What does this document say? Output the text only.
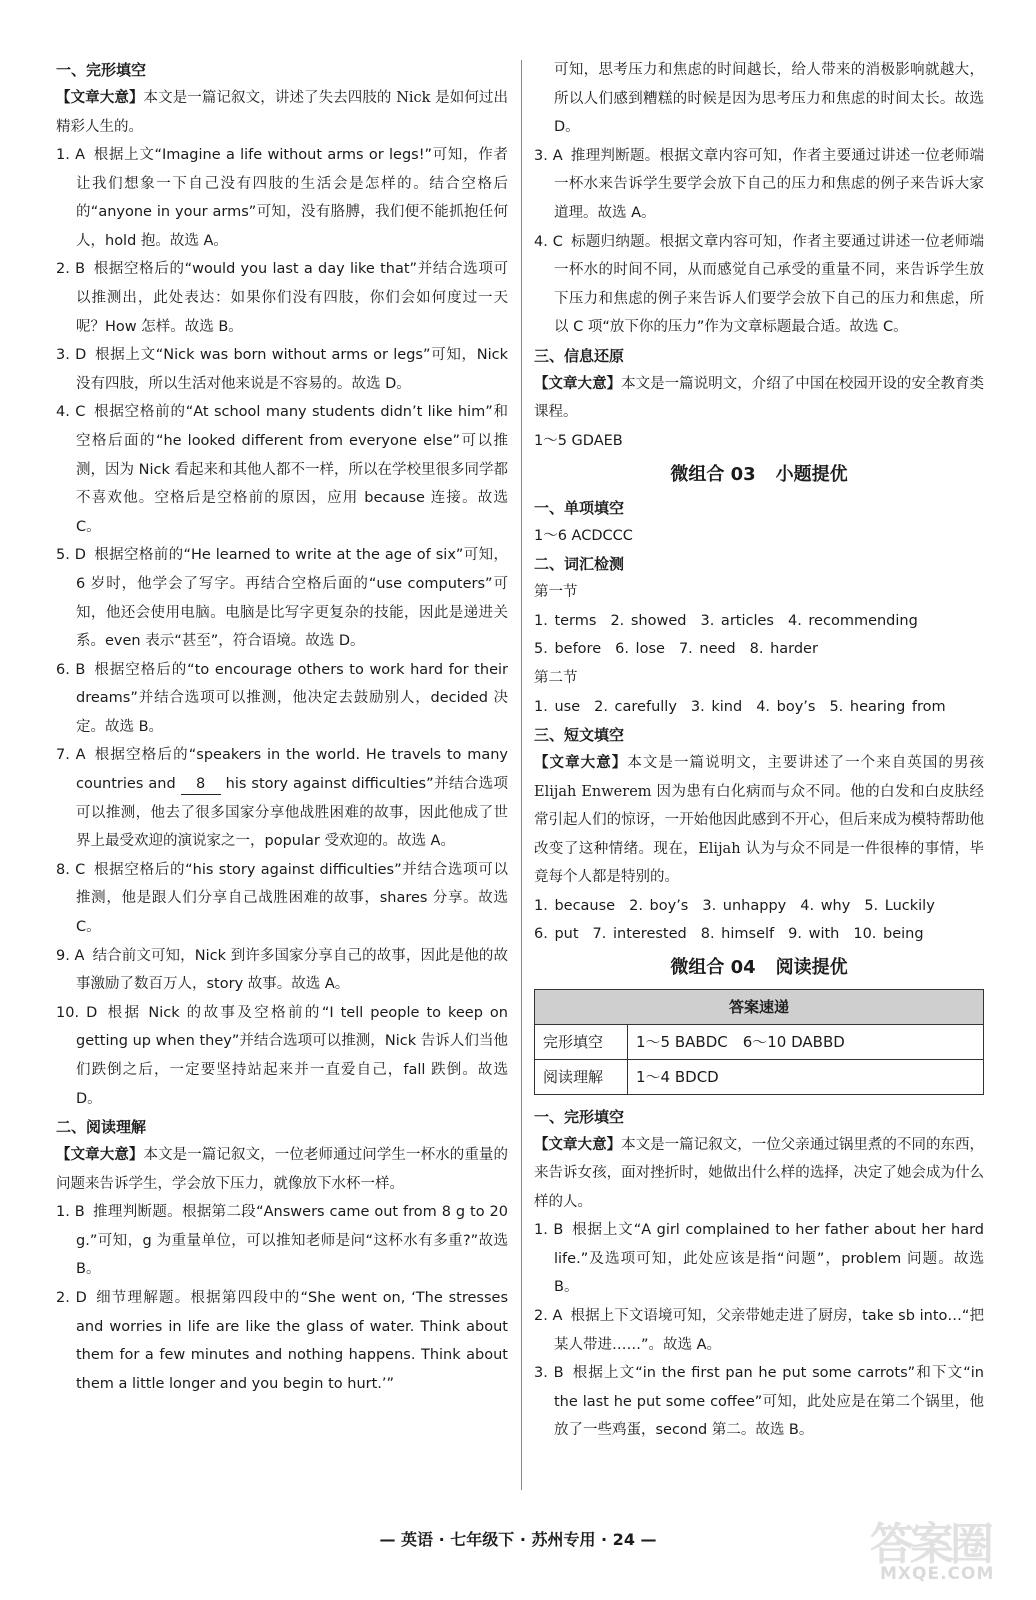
一、完形填空

【文章大意】本文是一篇记叙文，讲述了失去四肢的 Nick 是如何过出精彩人生的。

1. A 根据上文“Imagine a life without arms or legs!”可知，作者让我们想象一下自己没有四肢的生活会是怎样的。结合空格后的“anyone in your arms”可知，没有胳膊，我们便不能抓抱任何人，hold 抱。故选 A。

2. B 根据空格后的“would you last a day like that”并结合选项可以推测出，此处表达：如果你们没有四肢，你们会如何度过一天呢？How 怎样。故选 B。

3. D 根据上文“Nick was born without arms or legs”可知，Nick 没有四肢，所以生活对他来说是不容易的。故选 D。

4. C 根据空格前的“At school many students didn’t like him”和空格后面的“he looked different from everyone else”可以推测，因为 Nick 看起来和其他人都不一样，所以在学校里很多同学都不喜欢他。空格后是空格前的原因，应用 because 连接。故选 C。

5. D 根据空格前的“He learned to write at the age of six”可知，6 岁时，他学会了写字。再结合空格后面的“use computers”可知，他还会使用电脑。电脑是比写字更复杂的技能，因此是递进关系。even 表示“甚至”，符合语境。故选 D。

6. B 根据空格后的“to encourage others to work hard for their dreams”并结合选项可以推测，他决定去鼓励别人，decided 决定。故选 B。

7. A 根据空格后的“speakers in the world. He travels to many countries and 8 his story against difficulties”并结合选项可以推测，他去了很多国家分享他战胜困难的故事，因此他成了世界上最受欢迎的演说家之一，popular 受欢迎的。故选 A。

8. C 根据空格后的“his story against difficulties”并结合选项可以推测，他是跟人们分享自己战胜困难的故事，shares 分享。故选 C。

9. A 结合前文可知，Nick 到许多国家分享自己的故事，因此是他的故事激励了数百万人，story 故事。故选 A。

10. D 根据 Nick 的故事及空格前的“I tell people to keep on getting up when they”并结合选项可以推测，Nick 告诉人们当他们跌倒之后，一定要坚持站起来并一直爱自己，fall 跌倒。故选 D。

二、阅读理解

【文章大意】本文是一篇记叙文，一位老师通过问学生一杯水的重量的问题来告诉学生，学会放下压力，就像放下水杯一样。

1. B 推理判断题。根据第二段“Answers came out from 8 g to 20 g.”可知，g 为重量单位，可以推知老师是问“这杯水有多重?”故选 B。

2. D 细节理解题。根据第四段中的“She went on, ‘The stresses and worries in life are like the glass of water. Think about them for a few minutes and nothing happens. Think about them a little longer and you begin to hurt.’”

可知，思考压力和焦虑的时间越长，给人带来的消极影响就越大，所以人们感到糟糕的时候是因为思考压力和焦虑的时间太长。故选 D。

3. A 推理判断题。根据文章内容可知，作者主要通过讲述一位老师端一杯水来告诉学生要学会放下自己的压力和焦虑的例子来告诉大家道理。故选 A。

4. C 标题归纳题。根据文章内容可知，作者主要通过讲述一位老师端一杯水的时间不同，从而感觉自己承受的重量不同，来告诉学生放下压力和焦虑的例子来告诉人们要学会放下自己的压力和焦虑，所以 C 项“放下你的压力”作为文章标题最合适。故选 C。

三、信息还原

【文章大意】本文是一篇说明文，介绍了中国在校园开设的安全教育类课程。

1～5 GDAEB

微组合 03 小题提优

一、单项填空

1～6 ACDCCC

二、词汇检测

第一节

1. terms 2. showed 3. articles 4. recommending

5. before 6. lose 7. need 8. harder

第二节

1. use 2. carefully 3. kind 4. boy’s 5. hearing from

三、短文填空

【文章大意】本文是一篇说明文，主要讲述了一个来自英国的男孩 Elijah Enwerem 因为患有白化病而与众不同。他的白发和白皮肤经常引起人们的惊讶，一开始他因此感到不开心，但后来成为模特帮助他改变了这种情绪。现在，Elijah 认为与众不同是一件很棒的事情，毕竟每个人都是特别的。

1. because 2. boy’s 3. unhappy 4. why 5. Luckily

6. put 7. interested 8. himself 9. with 10. being

微组合 04 阅读提优

答案速递	
完形填空	1～5 BABDC　6～10 DABBD
阅读理解	1～4 BDCD

一、完形填空

【文章大意】本文是一篇记叙文，一位父亲通过锅里煮的不同的东西，来告诉女孩，面对挫折时，她做出什么样的选择，决定了她会成为什么样的人。

1. B 根据上文“A girl complained to her father about her hard life.”及选项可知，此处应该是指“问题”，problem 问题。故选 B。

2. A 根据上下文语境可知，父亲带她走进了厨房，take sb into…“把某人带进……”。故选 A。

3. B 根据上文“in the first pan he put some carrots”和下文“in the last he put some coffee”可知，此处应是在第二个锅里，他放了一些鸡蛋，second 第二。故选 B。

— 英语 · 七年级下 · 苏州专用 · 24 —	答案圈
MXQE.COM
